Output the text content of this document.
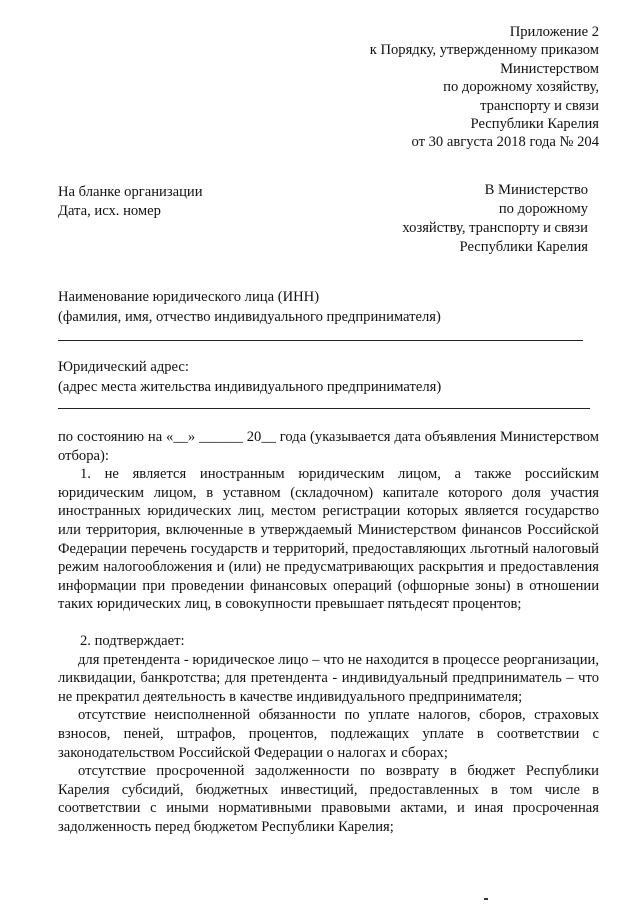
Приложение 2
к Порядку, утвержденному приказом
Министерством
по дорожному хозяйству,
транспорту и связи
Республики Карелия
от 30 августа 2018 года № 204
На бланке организации
Дата, исх. номер
В Министерство
по дорожному
хозяйству, транспорту и связи
Республики Карелия
Наименование юридического лица (ИНН)
(фамилия, имя, отчество индивидуального предпринимателя)
Юридический адрес:
(адрес места жительства индивидуального предпринимателя)

по состоянию на «__» ______ 20__ года (указывается дата объявления Министерством отбора):

1. не является иностранным юридическим лицом, а также российским юридическим лицом, в уставном (складочном) капитале которого доля участия иностранных юридических лиц, местом регистрации которых является государство или территория, включенные в утверждаемый Министерством финансов Российской Федерации перечень государств и территорий, предоставляющих льготный налоговый режим налогообложения и (или) не предусматривающих раскрытия и предоставления информации при проведении финансовых операций (офшорные зоны) в отношении таких юридических лиц, в совокупности превышает пятьдесят процентов;

2. подтверждает:

для претендента - юридическое лицо – что не находится в процессе реорганизации, ликвидации, банкротства; для претендента - индивидуальный предприниматель – что не прекратил деятельность в качестве индивидуального предпринимателя;

отсутствие неисполненной обязанности по уплате налогов, сборов, страховых взносов, пеней, штрафов, процентов, подлежащих уплате в соответствии с законодательством Российской Федерации о налогах и сборах;

отсутствие просроченной задолженности по возврату в бюджет Республики Карелия субсидий, бюджетных инвестиций, предоставленных в том числе в соответствии с иными нормативными правовыми актами, и иная просроченная задолженность перед бюджетом Республики Карелия;
